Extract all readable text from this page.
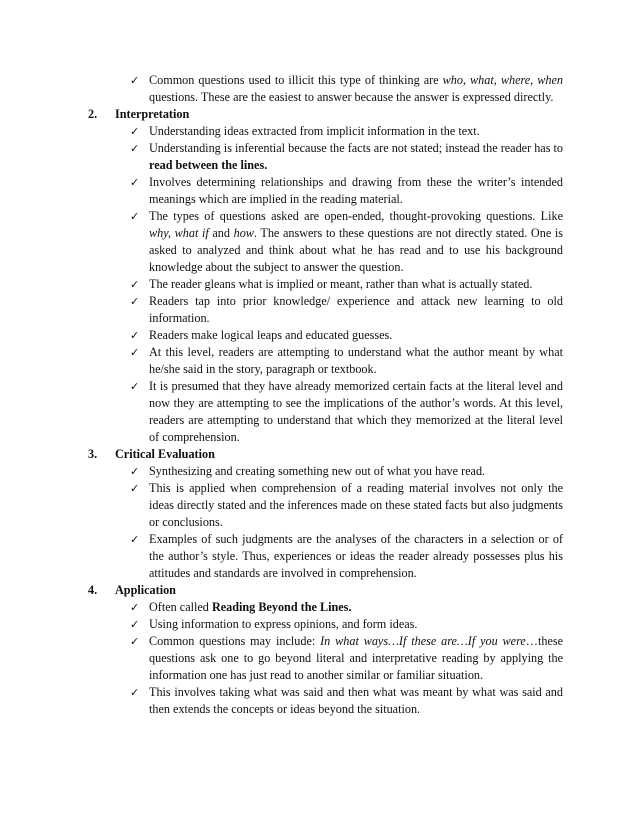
✓ Common questions used to illicit this type of thinking are who, what, where, when questions. These are the easiest to answer because the answer is expressed directly.
2. Interpretation
✓ Understanding ideas extracted from implicit information in the text.
✓ Understanding is inferential because the facts are not stated; instead the reader has to read between the lines.
✓ Involves determining relationships and drawing from these the writer’s intended meanings which are implied in the reading material.
✓ The types of questions asked are open-ended, thought-provoking questions. Like why, what if and how. The answers to these questions are not directly stated. One is asked to analyzed and think about what he has read and to use his background knowledge about the subject to answer the question.
✓ The reader gleans what is implied or meant, rather than what is actually stated.
✓ Readers tap into prior knowledge/ experience and attack new learning to old information.
✓ Readers make logical leaps and educated guesses.
✓ At this level, readers are attempting to understand what the author meant by what he/she said in the story, paragraph or textbook.
✓ It is presumed that they have already memorized certain facts at the literal level and now they are attempting to see the implications of the author’s words. At this level, readers are attempting to understand that which they memorized at the literal level of comprehension.
3. Critical Evaluation
✓ Synthesizing and creating something new out of what you have read.
✓ This is applied when comprehension of a reading material involves not only the ideas directly stated and the inferences made on these stated facts but also judgments or conclusions.
✓ Examples of such judgments are the analyses of the characters in a selection or of the author’s style. Thus, experiences or ideas the reader already possesses plus his attitudes and standards are involved in comprehension.
4. Application
✓ Often called Reading Beyond the Lines.
✓ Using information to express opinions, and form ideas.
✓ Common questions may include: In what ways…If these are…If you were…these questions ask one to go beyond literal and interpretative reading by applying the information one has just read to another similar or familiar situation.
✓ This involves taking what was said and then what was meant by what was said and then extends the concepts or ideas beyond the situation.
